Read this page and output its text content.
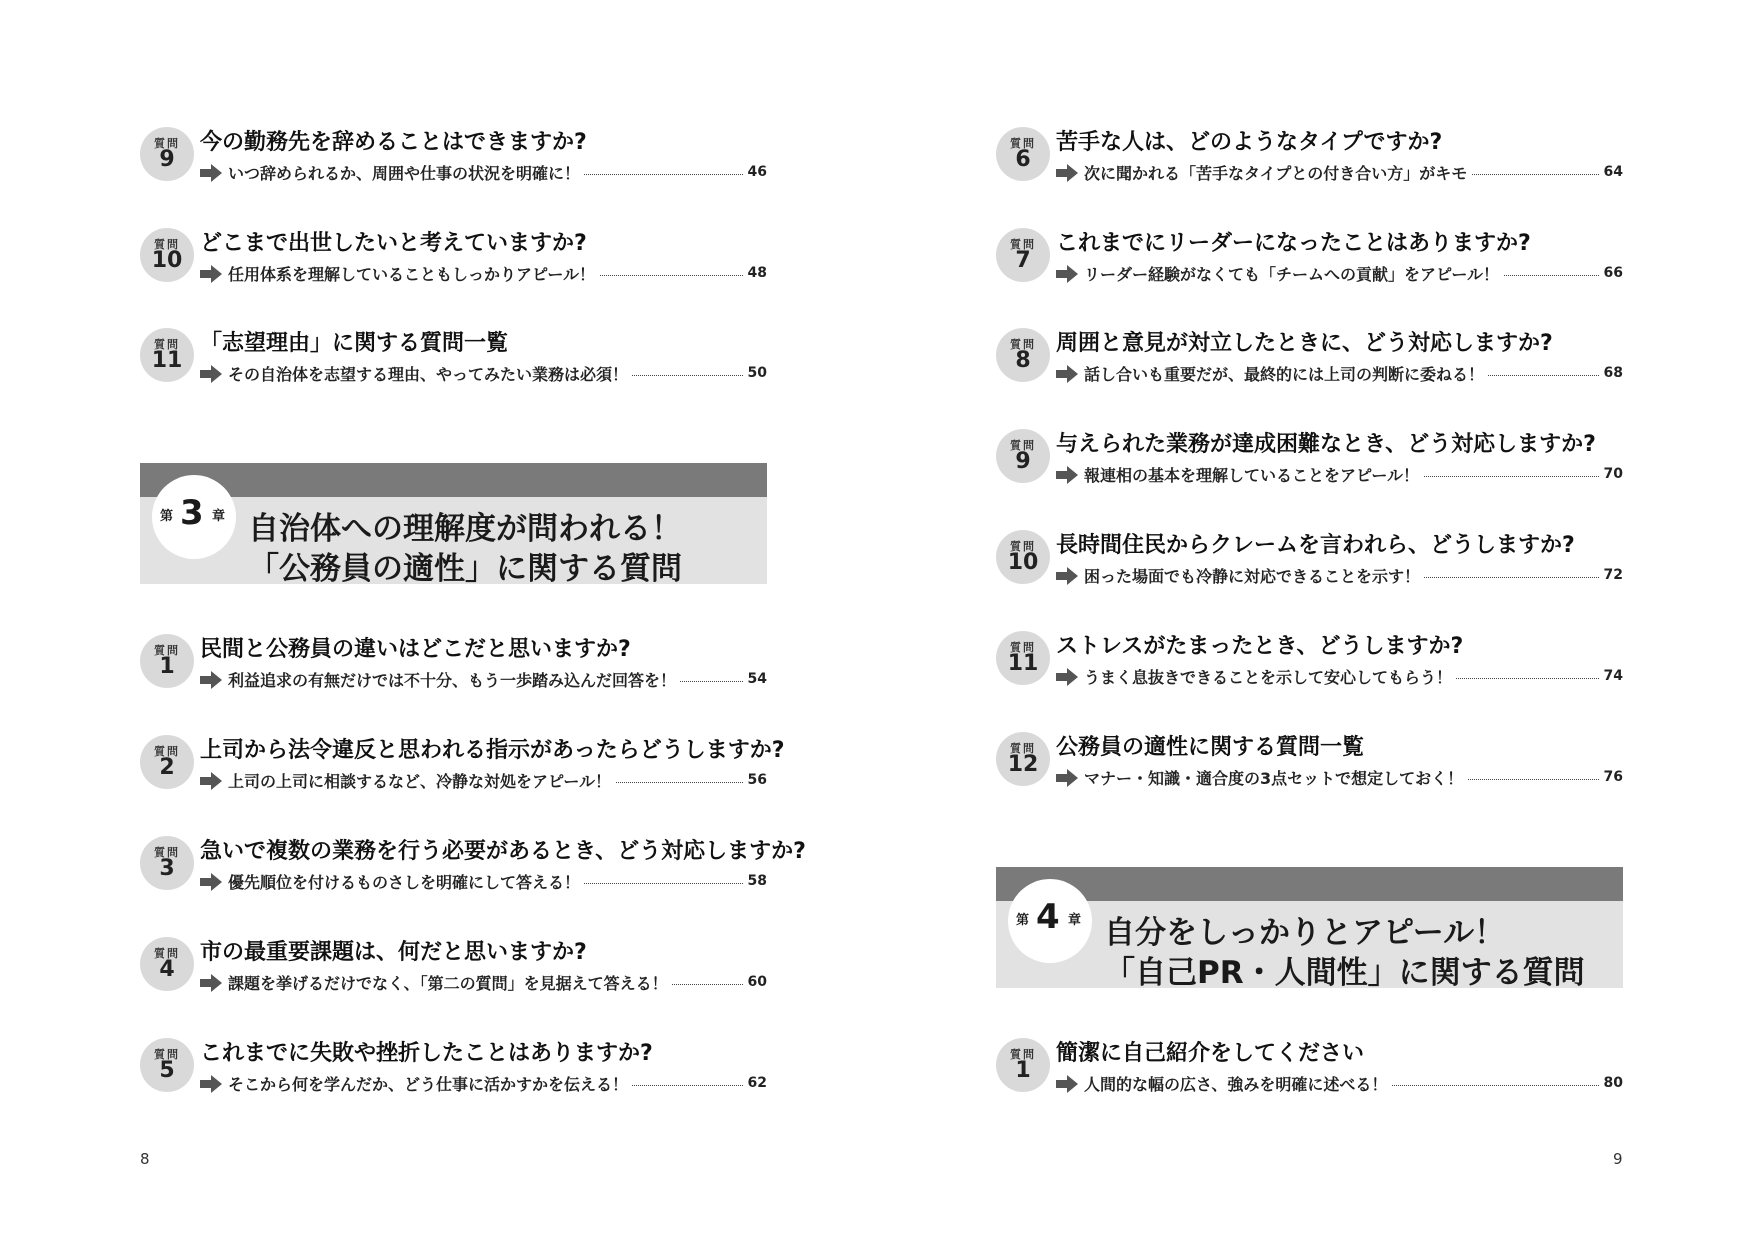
質問
9
今の勤務先を辞めることはできますか?
いつ辞められるか、周囲や仕事の状況を明確に！	46
質問
10
どこまで出世したいと考えていますか?
任用体系を理解していることもしっかりアピール！	48
質問
11
「志望理由」に関する質問一覧
その自治体を志望する理由、やってみたい業務は必須！	50
第 3 章 自治体への理解度が問われる！
「公務員の適性」に関する質問
質問
1
民間と公務員の違いはどこだと思いますか?
利益追求の有無だけでは不十分、もう一歩踏み込んだ回答を！	54
質問
2
上司から法令違反と思われる指示があったらどうしますか?
上司の上司に相談するなど、冷静な対処をアピール！	56
質問
3
急いで複数の業務を行う必要があるとき、どう対応しますか?
優先順位を付けるものさしを明確にして答える！	58
質問
4
市の最重要課題は、何だと思いますか?
課題を挙げるだけでなく、「第二の質問」を見据えて答える！	60
質問
5
これまでに失敗や挫折したことはありますか?
そこから何を学んだか、どう仕事に活かすかを伝える！	62
8
質問
6
苦手な人は、どのようなタイプですか?
次に聞かれる「苦手なタイプとの付き合い方」がキモ	64
質問
7
これまでにリーダーになったことはありますか?
リーダー経験がなくても「チームへの貢献」をアピール！	66
質問
8
周囲と意見が対立したときに、どう対応しますか?
話し合いも重要だが、最終的には上司の判断に委ねる！	68
質問
9
与えられた業務が達成困難なとき、どう対応しますか?
報連相の基本を理解していることをアピール！	70
質問
10
長時間住民からクレームを言われら、どうしますか?
困った場面でも冷静に対応できることを示す！	72
質問
11
ストレスがたまったとき、どうしますか?
うまく息抜きできることを示して安心してもらう！	74
質問
12
公務員の適性に関する質問一覧
マナー・知識・適合度の3点セットで想定しておく！	76
第 4 章 自分をしっかりとアピール！
「自己PR・人間性」に関する質問
質問
1
簡潔に自己紹介をしてください
人間的な幅の広さ、強みを明確に述べる！	80
9
